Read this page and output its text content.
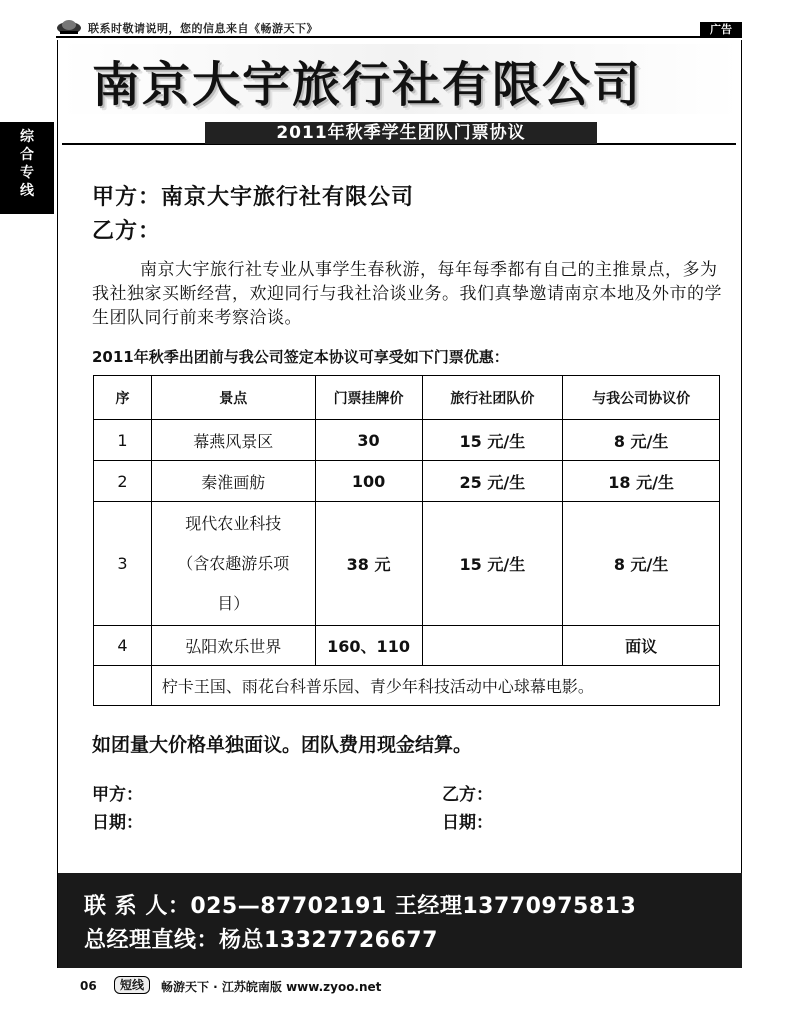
联系时敬请说明，您的信息来自《畅游天下》	广告
综
合
专
线
南京大宇旅行社有限公司
2011年秋季学生团队门票协议
甲方：南京大宇旅行社有限公司
乙方：
南京大宇旅行社专业从事学生春秋游，每年每季都有自己的主推景点，多为我社独家买断经营，欢迎同行与我社洽谈业务。我们真挚邀请南京本地及外市的学生团队同行前来考察洽谈。
2011年秋季出团前与我公司签定本协议可享受如下门票优惠：
序	景点	门票挂牌价	旅行社团队价	与我公司协议价
1	幕燕风景区	30	15 元/生	8 元/生
2	秦淮画舫	100	25 元/生	18 元/生
3	现代农业科技
（含农趣游乐项
目）	38 元	15 元/生	8 元/生
4	弘阳欢乐世界	160、110		面议
	柠卡王国、雨花台科普乐园、青少年科技活动中心球幕电影。			
如团量大价格单独面议。团队费用现金结算。
甲方：
日期：
乙方：
日期：
联 系 人：025—87702191 王经理13770975813
总经理直线：杨总13327726677
06	短线	畅游天下 · 江苏皖南版 www.zyoo.net
